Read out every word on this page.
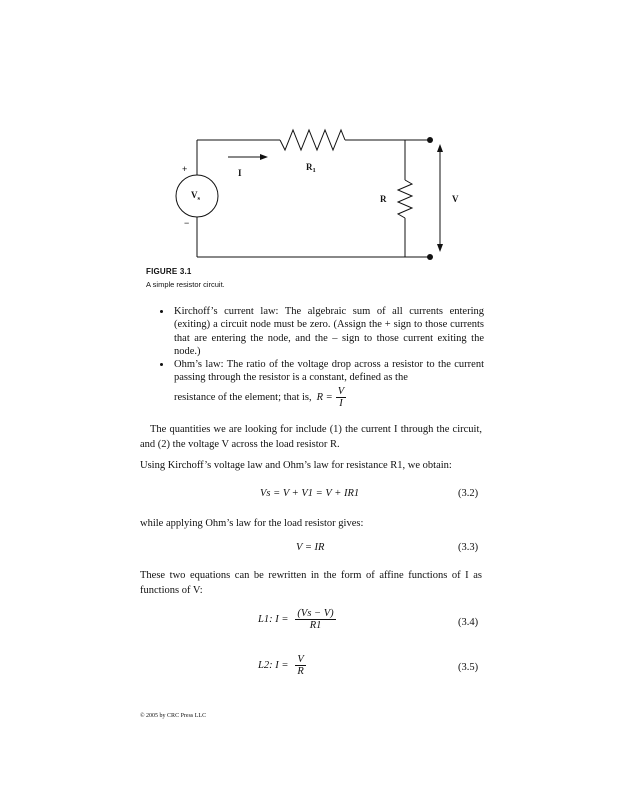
+
−
$V_s$
I
$R_1$
R	V
FIGURE 3.1
A simple resistor circuit.
• Kirchoff’s current law: The algebraic sum of all currents entering (exiting) a circuit node must be zero. (Assign the + sign to those currents that are entering the node, and the – sign to those current exiting the node.)
• Ohm’s law: The ratio of the voltage drop across a resistor to the current passing through the resistor is a constant, defined as the
resistance of the element; that is, $R = \frac{V}{I}$
The quantities we are looking for include (1) the current I through the circuit, and (2) the voltage V across the load resistor R.
Using Kirchoff’s voltage law and Ohm’s law for resistance R1, we obtain:
Vs = V + V1 = V + IR1	(3.2)
while applying Ohm’s law for the load resistor gives:
V = IR	(3.3)
These two equations can be rewritten in the form of affine functions of I as functions of V:
L1: $I = \frac{(Vs - V)}{R1}$	(3.4)
L2: $I = \frac{V}{R}$	(3.5)
© 2005 by CRC Press LLC
